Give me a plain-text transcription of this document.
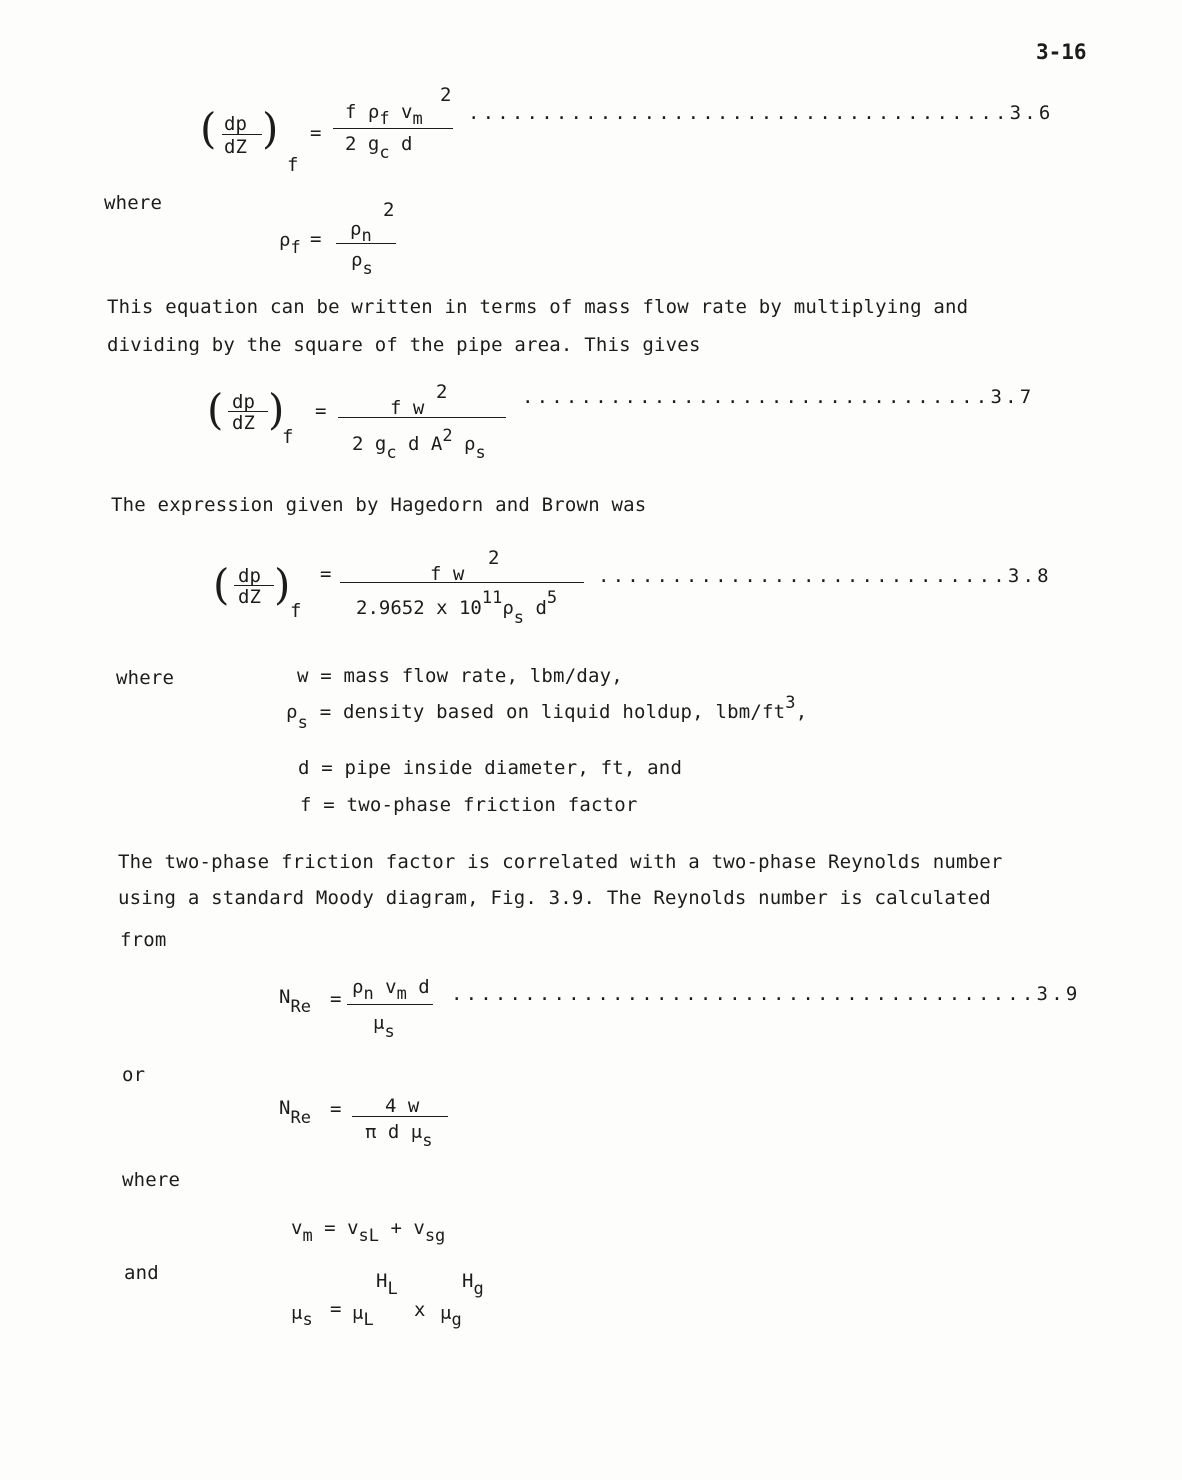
3-16
( dp
dZ )
f
=
f ρf vm
2
2 gc d
.....................................3.6
where
ρf = ρn
2
ρs
This equation can be written in terms of mass flow rate by multiplying and
dividing by the square of the pipe area. This gives
( dp
dZ )
f
=	f w
2
2 gc d A2 ρs
................................3.7
The expression given by Hagedorn and Brown was
( dp
dZ )
f
=	f w
2
2.9652 x 1011ρs d5
............................3.8
where	w = mass flow rate, lbm/day,
ρs = density based on liquid holdup, lbm/ft3,
d = pipe inside diameter, ft, and
f = two-phase friction factor
The two-phase friction factor is correlated with a two-phase Reynolds number
using a standard Moody diagram, Fig. 3.9. The Reynolds number is calculated
from
NRe =
ρn vm d
μs
........................................3.9
or
NRe = 4 w
π d μs
where
vm = vsL + vsg
and
μs = μL
HL
x μg
Hg
